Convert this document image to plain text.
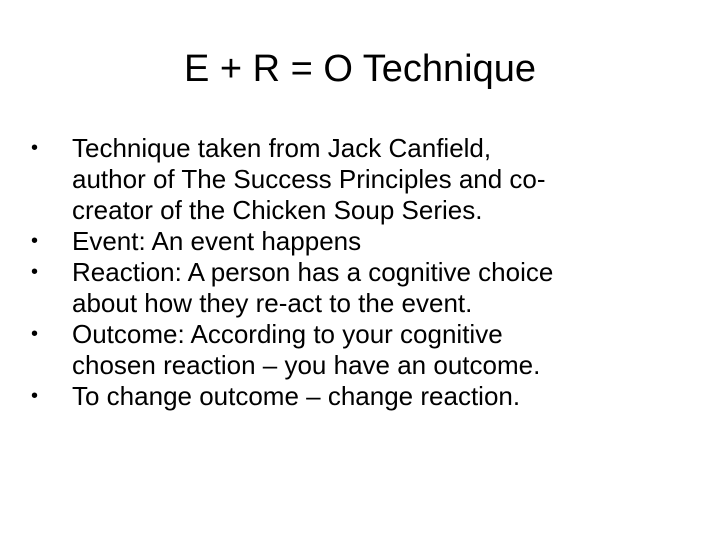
E + R = O Technique
•	Technique taken from Jack Canfield,
author of The Success Principles and co-
creator of the Chicken Soup Series.
•	Event: An event happens
•	Reaction: A person has a cognitive choice
about how they re-act to the event.
•	Outcome: According to your cognitive
chosen reaction – you have an outcome.
•	To change outcome – change reaction.
